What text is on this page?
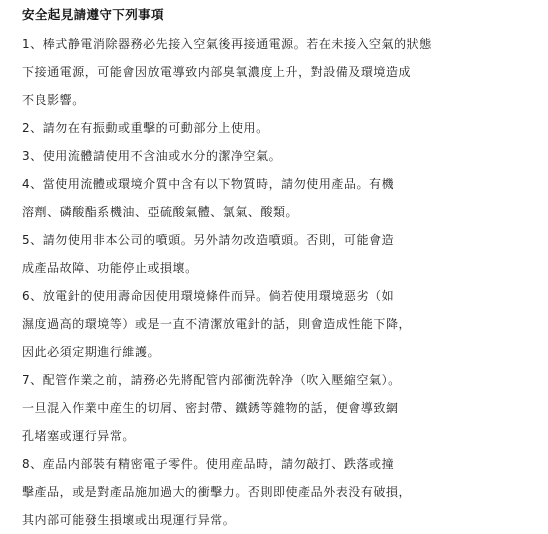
安全起見請遵守下列事項
1、棒式静電消除器務必先接入空氣後再接通電源。若在未接入空氣的狀態
下接通電源，可能會因放電導致内部臭氧濃度上升，對設備及環境造成
不良影響。
2、請勿在有振動或重擊的可動部分上使用。
3、使用流體請使用不含油或水分的潔净空氣。
4、當使用流體或環境介質中含有以下物質時，請勿使用產品。有機
溶劑、磷酸酯系機油、亞硫酸氣體、氯氣、酸類。
5、請勿使用非本公司的噴頭。另外請勿改造噴頭。否則，可能會造
成產品故障、功能停止或損壞。
6、放電針的使用壽命因使用環境條件而异。倘若使用環境惡劣（如
濕度過高的環境等）或是一直不清潔放電針的話，則會造成性能下降，
因此必須定期進行維護。
7、配管作業之前，請務必先將配管内部衝洗幹净（吹入壓縮空氣）。
一旦混入作業中産生的切屑、密封帶、鐵銹等雜物的話，便會導致網
孔堵塞或運行异常。
8、産品内部裝有精密電子零件。使用産品時，請勿敲打、跌落或撞
擊產品，或是對產品施加過大的衝擊力。否則即使產品外表没有破損，
其内部可能發生損壞或出現運行异常。
